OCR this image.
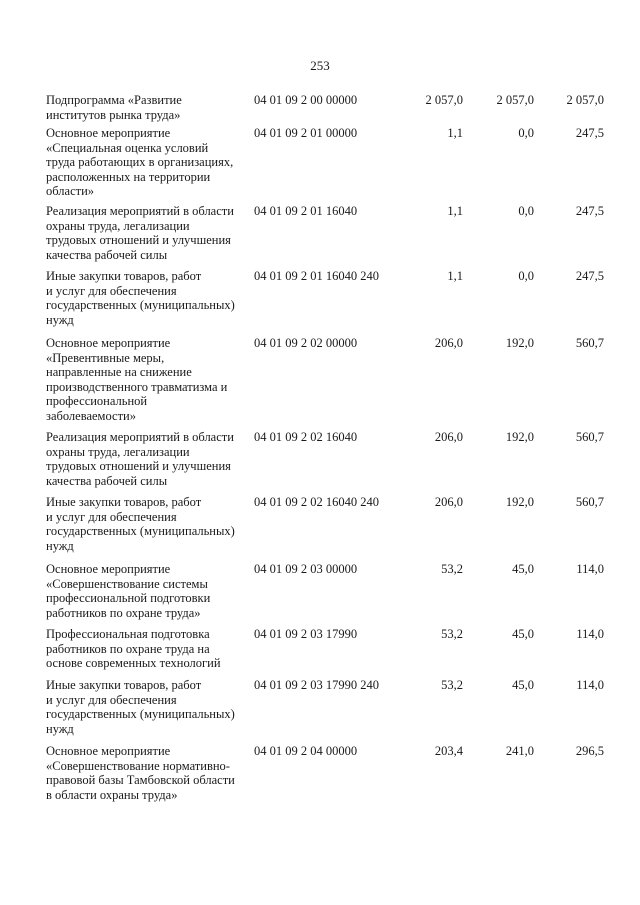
253
Подпрограмма «Развитие
институтов рынка труда»
04 01 09 2 00 00000	2 057,0	2 057,0	2 057,0
Основное мероприятие
«Специальная оценка условий
труда работающих в организациях,
расположенных на территории
области»
04 01 09 2 01 00000	1,1	0,0	247,5
Реализация мероприятий в области
охраны труда, легализации
трудовых отношений и улучшения
качества рабочей силы
04 01 09 2 01 16040	1,1	0,0	247,5
Иные закупки товаров, работ
и услуг для обеспечения
государственных (муниципальных)
нужд
04 01 09 2 01 16040 240	1,1	0,0	247,5
Основное мероприятие
«Превентивные меры,
направленные на снижение
производственного травматизма и
профессиональной
заболеваемости»
04 01 09 2 02 00000	206,0	192,0	560,7
Реализация мероприятий в области
охраны труда, легализации
трудовых отношений и улучшения
качества рабочей силы
04 01 09 2 02 16040	206,0	192,0	560,7
Иные закупки товаров, работ
и услуг для обеспечения
государственных (муниципальных)
нужд
04 01 09 2 02 16040 240	206,0	192,0	560,7
Основное мероприятие
«Совершенствование системы
профессиональной подготовки
работников по охране труда»
04 01 09 2 03 00000	53,2	45,0	114,0
Профессиональная подготовка
работников по охране труда на
основе современных технологий
04 01 09 2 03 17990	53,2	45,0	114,0
Иные закупки товаров, работ
и услуг для обеспечения
государственных (муниципальных)
нужд
04 01 09 2 03 17990 240	53,2	45,0	114,0
Основное мероприятие
«Совершенствование нормативно-
правовой базы Тамбовской области
в области охраны труда»
04 01 09 2 04 00000	203,4	241,0	296,5
